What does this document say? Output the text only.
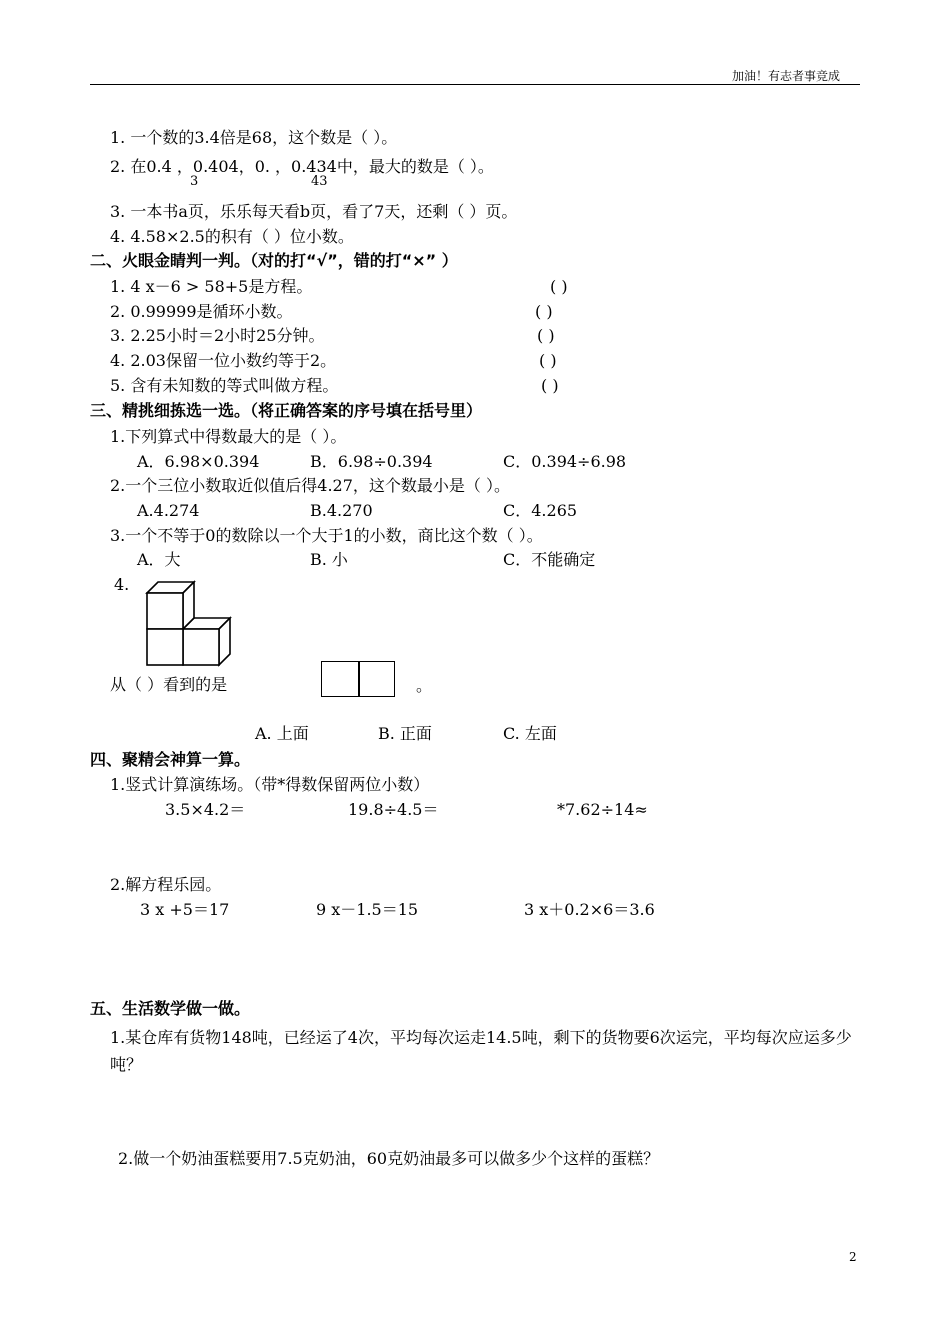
加油！有志者事竞成
1. 一个数的3.4倍是68，这个数是（ ）。
2. 在0.4 ，0.404，0. ，0.434中，最大的数是（ ）。
3	43
3. 一本书a页，乐乐每天看b页，看了7天，还剩（ ）页。
4. 4.58×2.5的积有（ ）位小数。
二、火眼金睛判一判。（对的打“√”，错的打“×” ）
1. 4 x－6 > 58+5是方程。	( )
2. 0.99999是循环小数。	( )
3. 2.25小时＝2小时25分钟。	( )
4. 2.03保留一位小数约等于2。	( )
5. 含有未知数的等式叫做方程。	( )
三、精挑细拣选一选。（将正确答案的序号填在括号里）
1.下列算式中得数最大的是（ ）。
A．6.98×0.394	B．6.98÷0.394	C．0.394÷6.98
2.一个三位小数取近似值后得4.27，这个数最小是（ ）。
A.4.274	B.4.270	C．4.265
3.一个不等于0的数除以一个大于1的小数，商比这个数（ ）。
A．大	B. 小	C．不能确定
4.
从（ ）看到的是	。
A. 上面	B. 正面	C. 左面
四、聚精会神算一算。
1.竖式计算演练场。（带*得数保留两位小数）
3.5×4.2＝	19.8÷4.5＝	*7.62÷14≈
2.解方程乐园。
3 x +5＝17	9 x－1.5＝15	3 x＋0.2×6＝3.6
五、生活数学做一做。
1.某仓库有货物148吨，已经运了4次，平均每次运走14.5吨，剩下的货物要6次运完，平均每次应运多少吨？
2.做一个奶油蛋糕要用7.5克奶油，60克奶油最多可以做多少个这样的蛋糕？
2
